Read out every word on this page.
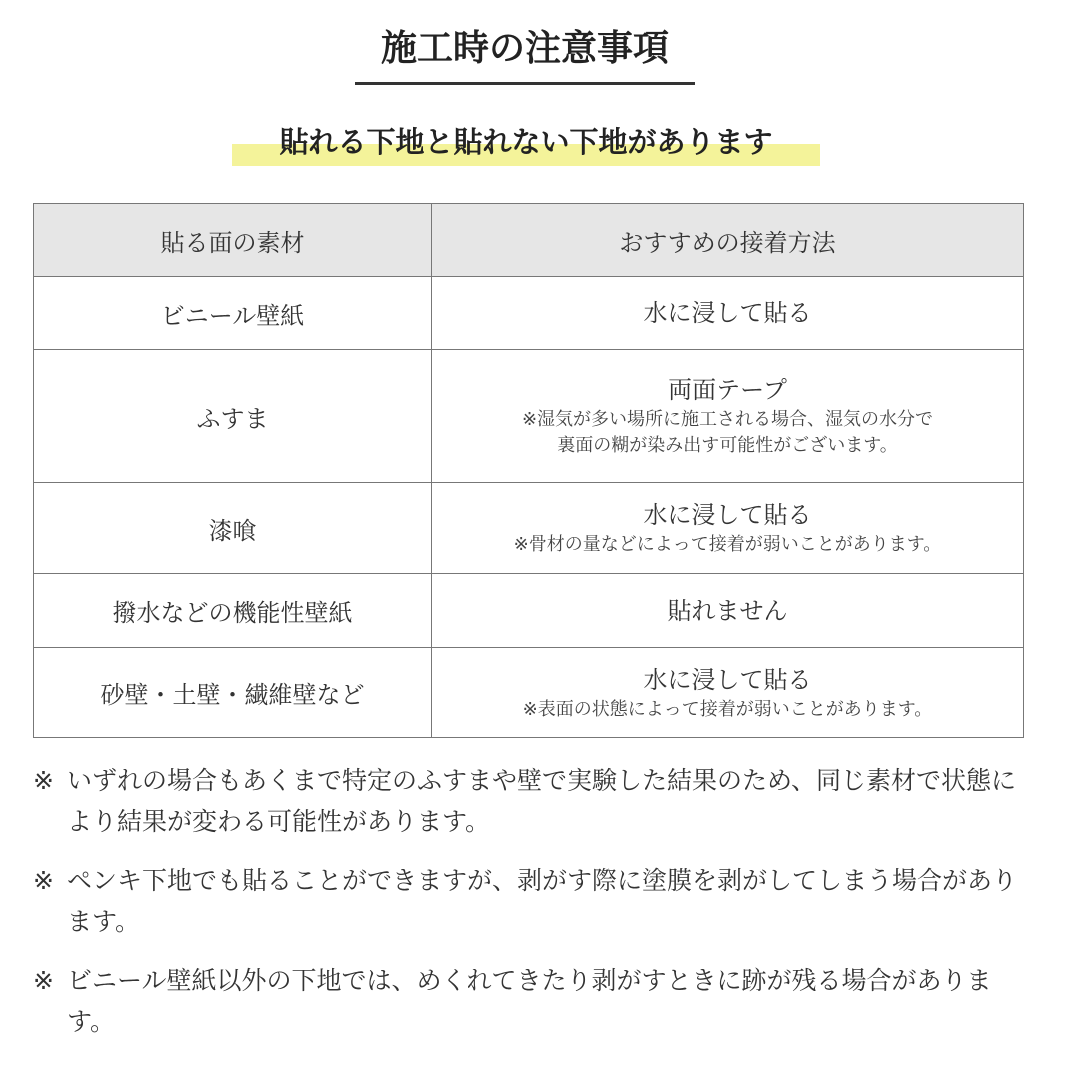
施工時の注意事項
貼れる下地と貼れない下地があります
貼る面の素材	おすすめの接着方法
ビニール壁紙	水に浸して貼る

ふすま	両面テープ
※湿気が多い場所に施工される場合、湿気の水分で
裏面の糊が染み出す可能性がございます。

漆喰	水に浸して貼る
※骨材の量などによって接着が弱いことがあります。

撥水などの機能性壁紙	貼れません

砂壁・土壁・繊維壁など	水に浸して貼る
※表面の状態によって接着が弱いことがあります。
※ いずれの場合もあくまで特定のふすまや壁で実験した結果のため、同じ素材で状態により結果が変わる可能性があります。
※ ペンキ下地でも貼ることができますが、剥がす際に塗膜を剥がしてしまう場合があります。
※ ビニール壁紙以外の下地では、めくれてきたり剥がすときに跡が残る場合があります。
